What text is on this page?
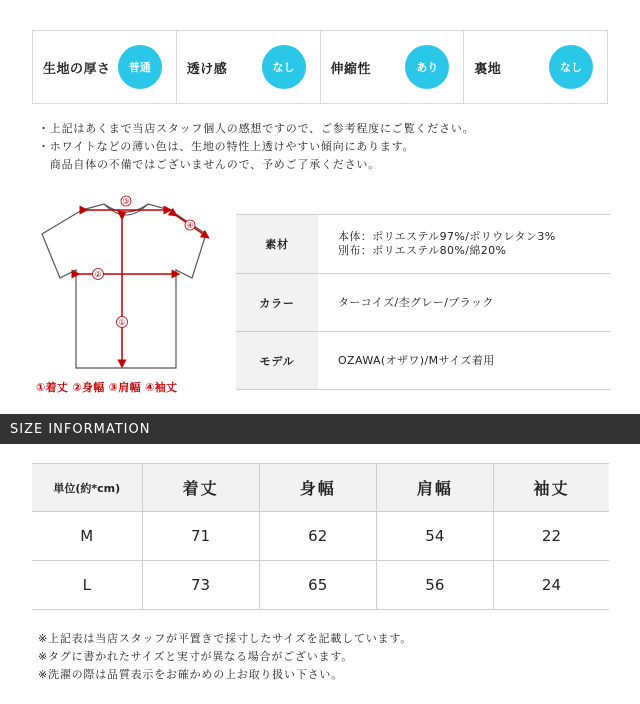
生地の厚さ	普通	透け感	なし	伸縮性	あり	裏地	なし

・上記はあくまで当店スタッフ個人の感想ですので、ご参考程度にご覧ください。

・ホワイトなどの薄い色は、生地の特性上透けやすい傾向にあります。

　商品自体の不備ではございませんので、予めご了承ください。

③
④
②
①
①着丈 ②身幅 ③肩幅 ④袖丈
素材	本体：ポリエステル97%/ポリウレタン3%
別布：ポリエステル80%/綿20%

カラー	ターコイズ/杢グレー/ブラック
モデル	OZAWA(オザワ)/Mサイズ着用
SIZE INFORMATION
単位(約*cm)	着丈	身幅	肩幅	袖丈
M	71	62	54	22
L	73	65	56	24

※上記表は当店スタッフが平置きで採寸したサイズを記載しています。

※タグに書かれたサイズと実寸が異なる場合がございます。

※洗濯の際は品質表示をお確かめの上お取り扱い下さい。
